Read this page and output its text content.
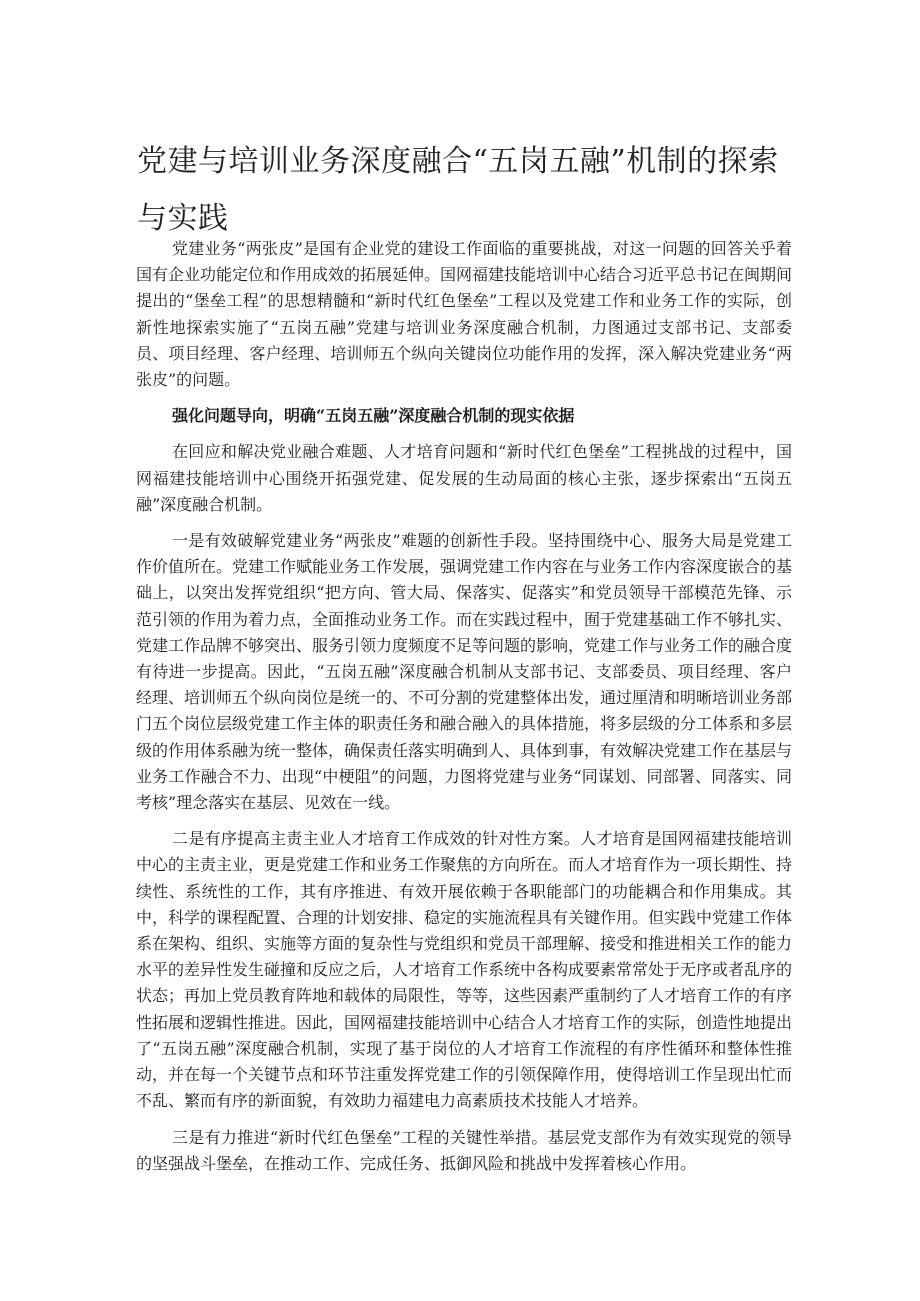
党建与培训业务深度融合“五岗五融”机制的探索与实践

党建业务“两张皮”是国有企业党的建设工作面临的重要挑战，对这一问题的回答关乎着国有企业功能定位和作用成效的拓展延伸。国网福建技能培训中心结合习近平总书记在闽期间提出的“堡垒工程”的思想精髓和“新时代红色堡垒”工程以及党建工作和业务工作的实际，创新性地探索实施了“五岗五融”党建与培训业务深度融合机制，力图通过支部书记、支部委员、项目经理、客户经理、培训师五个纵向关键岗位功能作用的发挥，深入解决党建业务“两张皮”的问题。

强化问题导向，明确“五岗五融”深度融合机制的现实依据

在回应和解决党业融合难题、人才培育问题和“新时代红色堡垒”工程挑战的过程中，国网福建技能培训中心围绕开拓强党建、促发展的生动局面的核心主张，逐步探索出“五岗五融”深度融合机制。

一是有效破解党建业务“两张皮”难题的创新性手段。坚持围绕中心、服务大局是党建工作价值所在。党建工作赋能业务工作发展，强调党建工作内容在与业务工作内容深度嵌合的基础上，以突出发挥党组织“把方向、管大局、保落实、促落实”和党员领导干部模范先锋、示范引领的作用为着力点，全面推动业务工作。而在实践过程中，囿于党建基础工作不够扎实、党建工作品牌不够突出、服务引领力度频度不足等问题的影响，党建工作与业务工作的融合度有待进一步提高。因此，“五岗五融”深度融合机制从支部书记、支部委员、项目经理、客户经理、培训师五个纵向岗位是统一的、不可分割的党建整体出发，通过厘清和明晰培训业务部门五个岗位层级党建工作主体的职责任务和融合融入的具体措施，将多层级的分工体系和多层级的作用体系融为统一整体，确保责任落实明确到人、具体到事，有效解决党建工作在基层与业务工作融合不力、出现“中梗阻”的问题，力图将党建与业务“同谋划、同部署、同落实、同考核”理念落实在基层、见效在一线。

二是有序提高主责主业人才培育工作成效的针对性方案。人才培育是国网福建技能培训中心的主责主业，更是党建工作和业务工作聚焦的方向所在。而人才培育作为一项长期性、持续性、系统性的工作，其有序推进、有效开展依赖于各职能部门的功能耦合和作用集成。其中，科学的课程配置、合理的计划安排、稳定的实施流程具有关键作用。但实践中党建工作体系在架构、组织、实施等方面的复杂性与党组织和党员干部理解、接受和推进相关工作的能力水平的差异性发生碰撞和反应之后，人才培育工作系统中各构成要素常常处于无序或者乱序的状态；再加上党员教育阵地和载体的局限性，等等，这些因素严重制约了人才培育工作的有序性拓展和逻辑性推进。因此，国网福建技能培训中心结合人才培育工作的实际，创造性地提出了“五岗五融”深度融合机制，实现了基于岗位的人才培育工作流程的有序性循环和整体性推动，并在每一个关键节点和环节注重发挥党建工作的引领保障作用，使得培训工作呈现出忙而不乱、繁而有序的新面貌，有效助力福建电力高素质技术技能人才培养。

三是有力推进“新时代红色堡垒”工程的关键性举措。基层党支部作为有效实现党的领导的坚强战斗堡垒，在推动工作、完成任务、抵御风险和挑战中发挥着核心作用。
